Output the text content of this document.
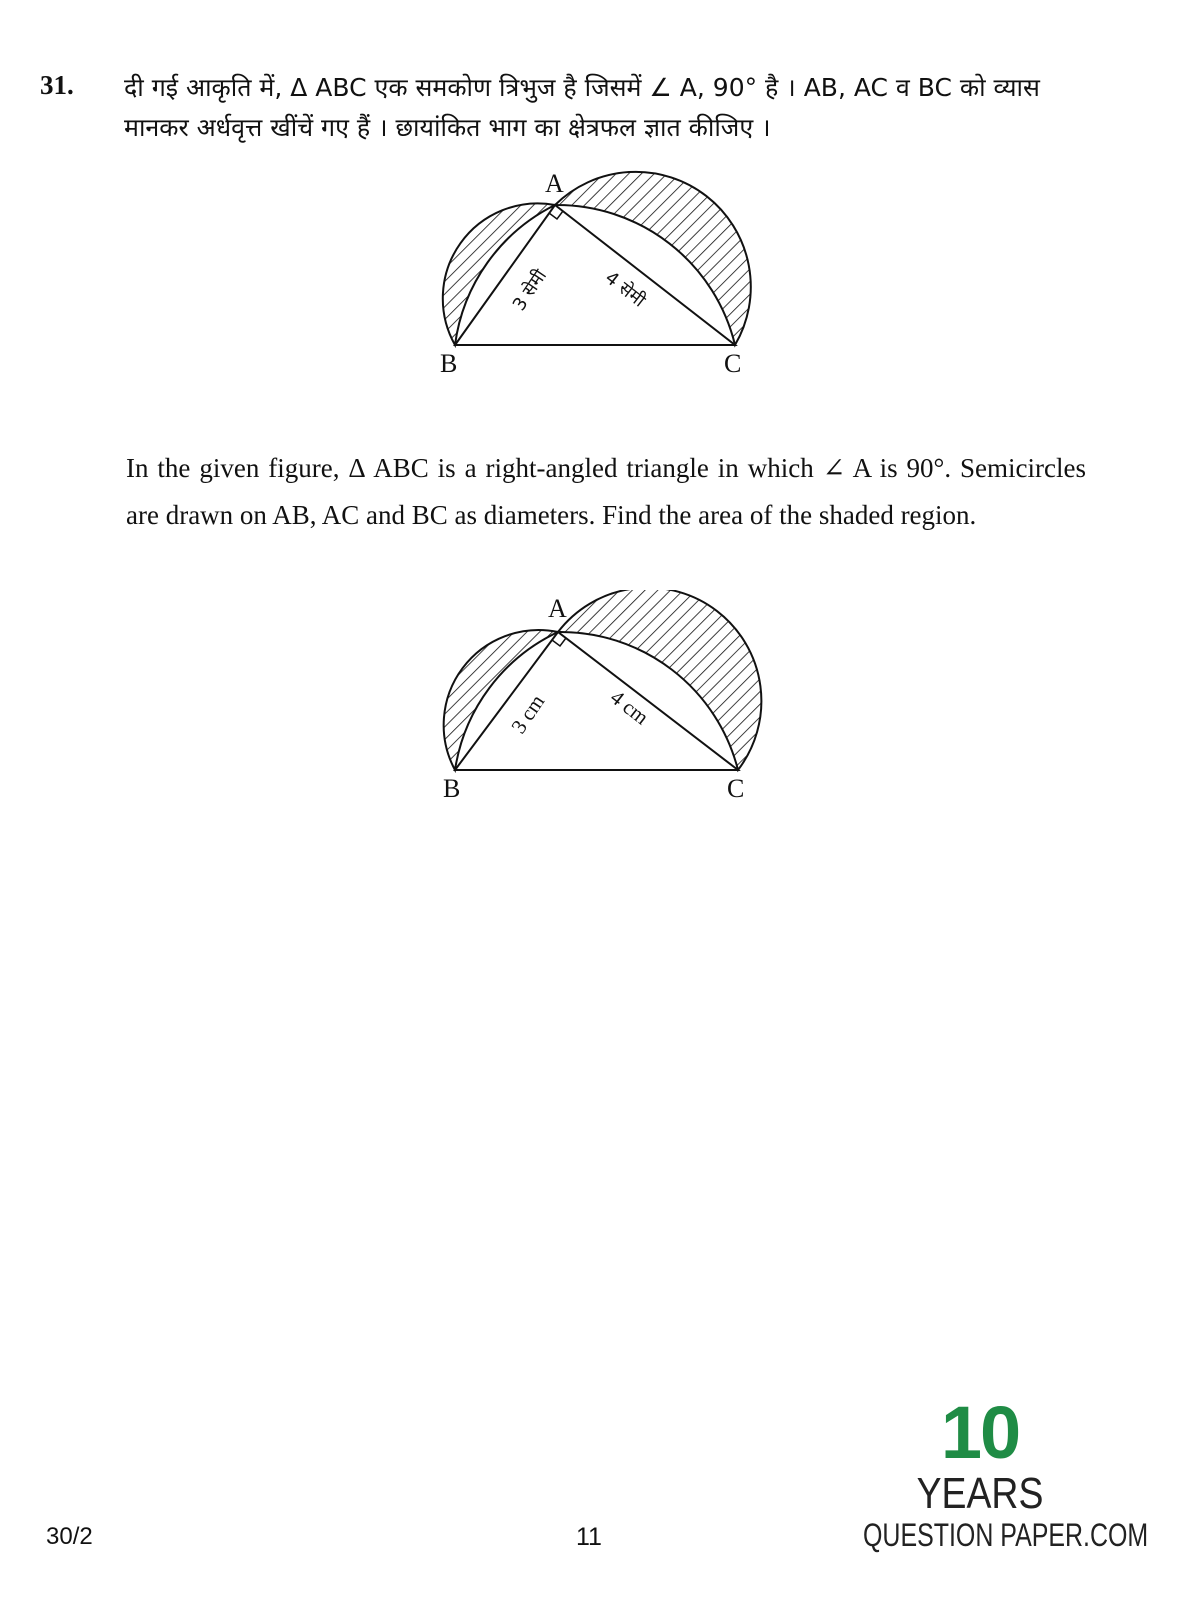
31. दी गई आकृति में, Δ ABC एक समकोण त्रिभुज है जिसमें ∠ A, 90° है । AB, AC व BC को व्यास मानकर अर्धवृत्त खींचें गए हैं । छायांकित भाग का क्षेत्रफल ज्ञात कीजिए ।
A
B	C
3 सेमी	4 सेमी
In the given figure, Δ ABC is a right-angled triangle in which ∠ A is 90°. Semicircles are drawn on AB, AC and BC as diameters. Find the area of the shaded region.
A
B	C
3 cm	4 cm
30/2	11
10
YEARS
QUESTION PAPER.COM
